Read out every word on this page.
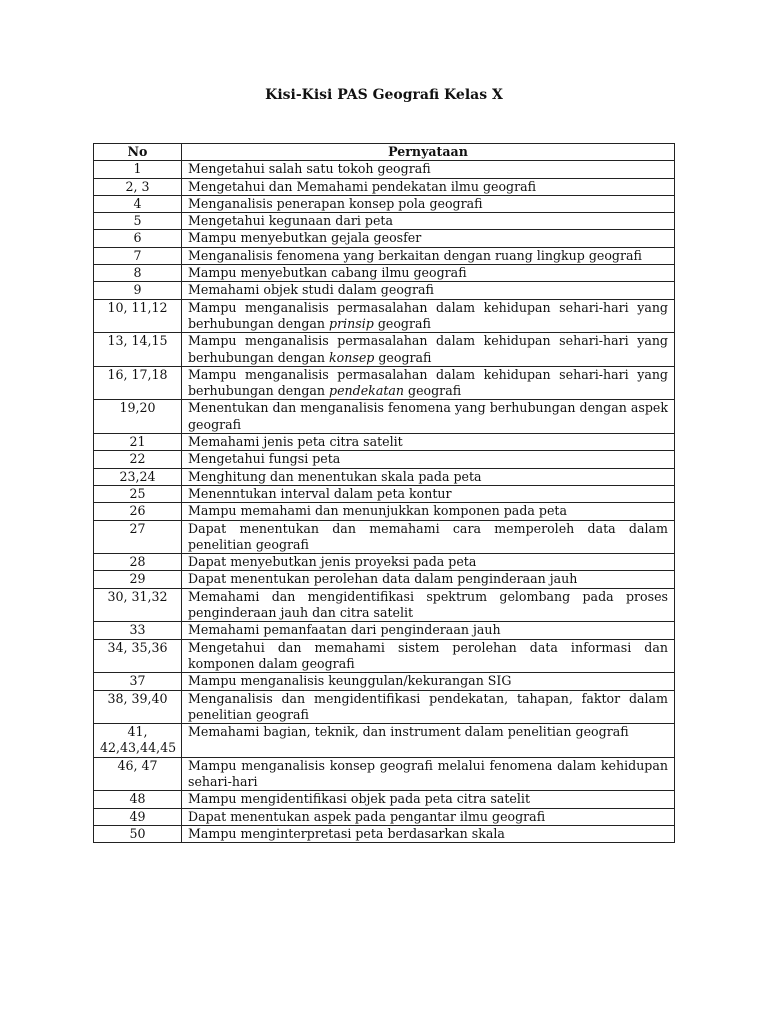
Kisi-Kisi PAS Geografi Kelas X
No	Pernyataan
1	Mengetahui salah satu tokoh geografi
2, 3	Mengetahui dan Memahami pendekatan ilmu geografi
4	Menganalisis penerapan konsep pola geografi
5	Mengetahui kegunaan dari peta
6	Mampu menyebutkan gejala geosfer
7	Menganalisis fenomena yang berkaitan dengan ruang lingkup geografi
8	Mampu menyebutkan cabang ilmu geografi
9	Memahami objek studi dalam geografi
10, 11,12	Mampu menganalisis permasalahan dalam kehidupan sehari-hari yang berhubungan dengan prinsip geografi
13, 14,15	Mampu menganalisis permasalahan dalam kehidupan sehari-hari yang berhubungan dengan konsep geografi
16, 17,18	Mampu menganalisis permasalahan dalam kehidupan sehari-hari yang berhubungan dengan pendekatan geografi
19,20	Menentukan dan menganalisis fenomena yang berhubungan dengan aspek geografi
21	Memahami jenis peta citra satelit
22	Mengetahui fungsi peta
23,24	Menghitung dan menentukan skala pada peta
25	Menenntukan interval dalam peta kontur
26	Mampu memahami dan menunjukkan komponen pada peta
27	Dapat menentukan dan memahami cara memperoleh data dalam penelitian geografi
28	Dapat menyebutkan jenis proyeksi pada peta
29	Dapat menentukan perolehan data dalam penginderaan jauh
30, 31,32	Memahami dan mengidentifikasi spektrum gelombang pada proses penginderaan jauh dan citra satelit
33	Memahami pemanfaatan dari penginderaan jauh
34, 35,36	Mengetahui dan memahami sistem perolehan data informasi dan komponen dalam geografi
37	Mampu menganalisis keunggulan/kekurangan SIG
38, 39,40	Menganalisis dan mengidentifikasi pendekatan, tahapan, faktor dalam penelitian geografi
41, 42,43,44,45	Memahami bagian, teknik, dan instrument dalam penelitian geografi
46, 47	Mampu menganalisis konsep geografi melalui fenomena dalam kehidupan sehari-hari
48	Mampu mengidentifikasi objek pada peta citra satelit
49	Dapat menentukan aspek pada pengantar ilmu geografi
50	Mampu menginterpretasi peta berdasarkan skala
